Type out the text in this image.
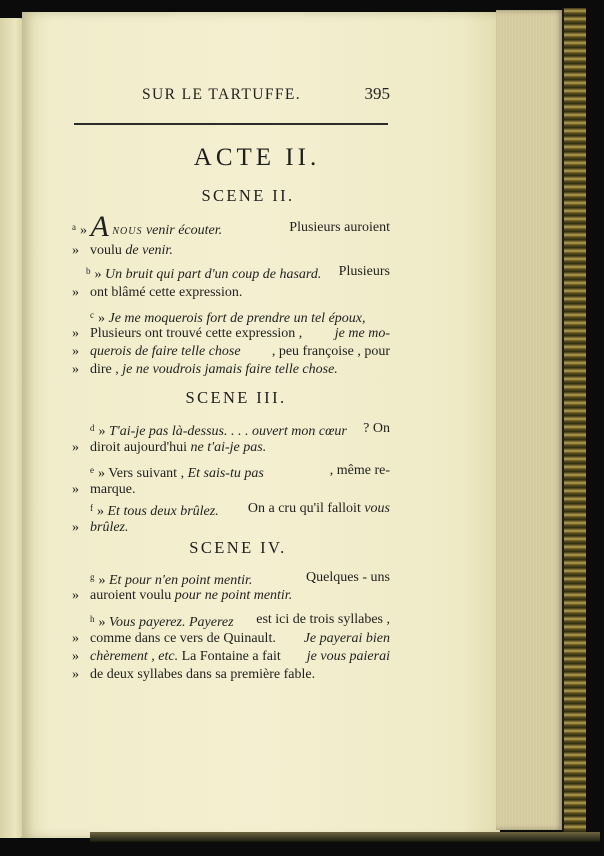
SUR LE TARTUFFE.	395
ACTE II.
SCENE II.
$^a$ » A NOUS venir écouter.	Plusieurs auroient
» voulu de venir.
$^b$ » Un bruit qui part d'un coup de hasard. Plusieurs
» ont blâmé cette expression.
$^c$ » Je me moquerois fort de prendre un tel époux,
» Plusieurs ont trouvé cette expression , je me mo-
» querois de faire telle chose , peu françoise , pour
» dire , je ne voudrois jamais faire telle chose.
SCENE III.
$^d$ » T'ai-je pas là-dessus. . . . ouvert mon cœur ? On
» diroit aujourd'hui ne t'ai-je pas.
$^e$ » Vers suivant , Et sais-tu pas	, même re-
» marque.
$^f$ » Et tous deux brûlez. On a cru qu'il falloit vous
» brûlez.
SCENE IV.
$^g$ » Et pour n'en point mentir.	Quelques - uns
» auroient voulu pour ne point mentir.
$^h$ » Vous payerez. Payerez est ici de trois syllabes ,
» comme dans ce vers de Quinault. Je payerai bien
» chèrement , etc. La Fontaine a fait je vous paierai
» de deux syllabes dans sa première fable.
